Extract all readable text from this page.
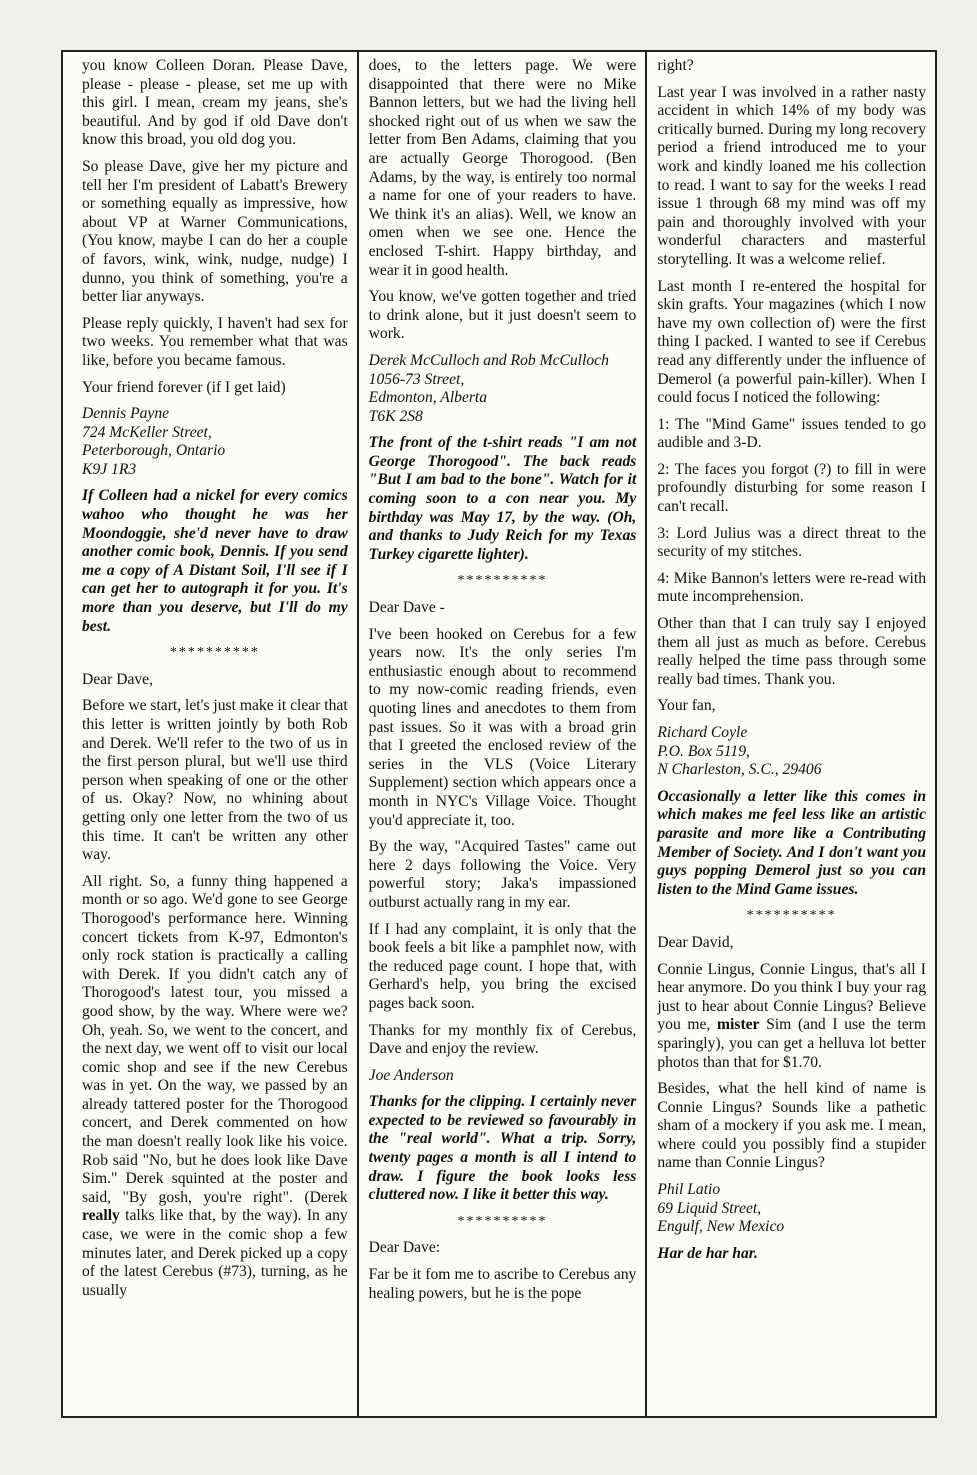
you know Colleen Doran. Please Dave, please - please - please, set me up with this girl. I mean, cream my jeans, she's beautiful. And by god if old Dave don't know this broad, you old dog you.

So please Dave, give her my picture and tell her I'm president of Labatt's Brewery or something equally as impressive, how about VP at Warner Communications, (You know, maybe I can do her a couple of favors, wink, wink, nudge, nudge) I dunno, you think of something, you're a better liar anyways.

Please reply quickly, I haven't had sex for two weeks. You remember what that was like, before you became famous.

Your friend forever (if I get laid)

Dennis Payne
724 McKeller Street,
Peterborough, Ontario
K9J 1R3

If Colleen had a nickel for every comics wahoo who thought he was her Moondoggie, she'd never have to draw another comic book, Dennis. If you send me a copy of A Distant Soil, I'll see if I can get her to autograph it for you. It's more than you deserve, but I'll do my best.

**********

Dear Dave,

Before we start, let's just make it clear that this letter is written jointly by both Rob and Derek. We'll refer to the two of us in the first person plural, but we'll use third person when speaking of one or the other of us. Okay? Now, no whining about getting only one letter from the two of us this time. It can't be written any other way.

All right. So, a funny thing happened a month or so ago. We'd gone to see George Thorogood's performance here. Winning concert tickets from K-97, Edmonton's only rock station is practically a calling with Derek. If you didn't catch any of Thorogood's latest tour, you missed a good show, by the way. Where were we? Oh, yeah. So, we went to the concert, and the next day, we went off to visit our local comic shop and see if the new Cerebus was in yet. On the way, we passed by an already tattered poster for the Thorogood concert, and Derek commented on how the man doesn't really look like his voice. Rob said "No, but he does look like Dave Sim." Derek squinted at the poster and said, "By gosh, you're right". (Derek really talks like that, by the way). In any case, we were in the comic shop a few minutes later, and Derek picked up a copy of the latest Cerebus (#73), turning, as he usually

does, to the letters page. We were disappointed that there were no Mike Bannon letters, but we had the living hell shocked right out of us when we saw the letter from Ben Adams, claiming that you are actually George Thorogood. (Ben Adams, by the way, is entirely too normal a name for one of your readers to have. We think it's an alias). Well, we know an omen when we see one. Hence the enclosed T-shirt. Happy birthday, and wear it in good health.

You know, we've gotten together and tried to drink alone, but it just doesn't seem to work.

Derek McCulloch and Rob McCulloch
1056-73 Street,
Edmonton, Alberta
T6K 2S8

The front of the t-shirt reads "I am not George Thorogood". The back reads "But I am bad to the bone". Watch for it coming soon to a con near you. My birthday was May 17, by the way. (Oh, and thanks to Judy Reich for my Texas Turkey cigarette lighter).

**********

Dear Dave -

I've been hooked on Cerebus for a few years now. It's the only series I'm enthusiastic enough about to recommend to my now-comic reading friends, even quoting lines and anecdotes to them from past issues. So it was with a broad grin that I greeted the enclosed review of the series in the VLS (Voice Literary Supplement) section which appears once a month in NYC's Village Voice. Thought you'd appreciate it, too.

By the way, "Acquired Tastes" came out here 2 days following the Voice. Very powerful story; Jaka's impassioned outburst actually rang in my ear.

If I had any complaint, it is only that the book feels a bit like a pamphlet now, with the reduced page count. I hope that, with Gerhard's help, you bring the excised pages back soon.

Thanks for my monthly fix of Cerebus, Dave and enjoy the review.

Joe Anderson

Thanks for the clipping. I certainly never expected to be reviewed so favourably in the "real world". What a trip. Sorry, twenty pages a month is all I intend to draw. I figure the book looks less cluttered now. I like it better this way.

**********

Dear Dave:

Far be it fom me to ascribe to Cerebus any healing powers, but he is the pope

right?

Last year I was involved in a rather nasty accident in which 14% of my body was critically burned. During my long recovery period a friend introduced me to your work and kindly loaned me his collection to read. I want to say for the weeks I read issue 1 through 68 my mind was off my pain and thoroughly involved with your wonderful characters and masterful storytelling. It was a welcome relief.

Last month I re-entered the hospital for skin grafts. Your magazines (which I now have my own collection of) were the first thing I packed. I wanted to see if Cerebus read any differently under the influence of Demerol (a powerful pain-killer). When I could focus I noticed the following:

1: The "Mind Game" issues tended to go audible and 3-D.

2: The faces you forgot (?) to fill in were profoundly disturbing for some reason I can't recall.

3: Lord Julius was a direct threat to the security of my stitches.

4: Mike Bannon's letters were re-read with mute incomprehension.

Other than that I can truly say I enjoyed them all just as much as before. Cerebus really helped the time pass through some really bad times. Thank you.

Your fan,

Richard Coyle
P.O. Box 5119,
N Charleston, S.C., 29406

Occasionally a letter like this comes in which makes me feel less like an artistic parasite and more like a Contributing Member of Society. And I don't want you guys popping Demerol just so you can listen to the Mind Game issues.

**********

Dear David,

Connie Lingus, Connie Lingus, that's all I hear anymore. Do you think I buy your rag just to hear about Connie Lingus? Believe you me, mister Sim (and I use the term sparingly), you can get a helluva lot better photos than that for $1.70.

Besides, what the hell kind of name is Connie Lingus? Sounds like a pathetic sham of a mockery if you ask me. I mean, where could you possibly find a stupider name than Connie Lingus?

Phil Latio
69 Liquid Street,
Engulf, New Mexico

Har de har har.
